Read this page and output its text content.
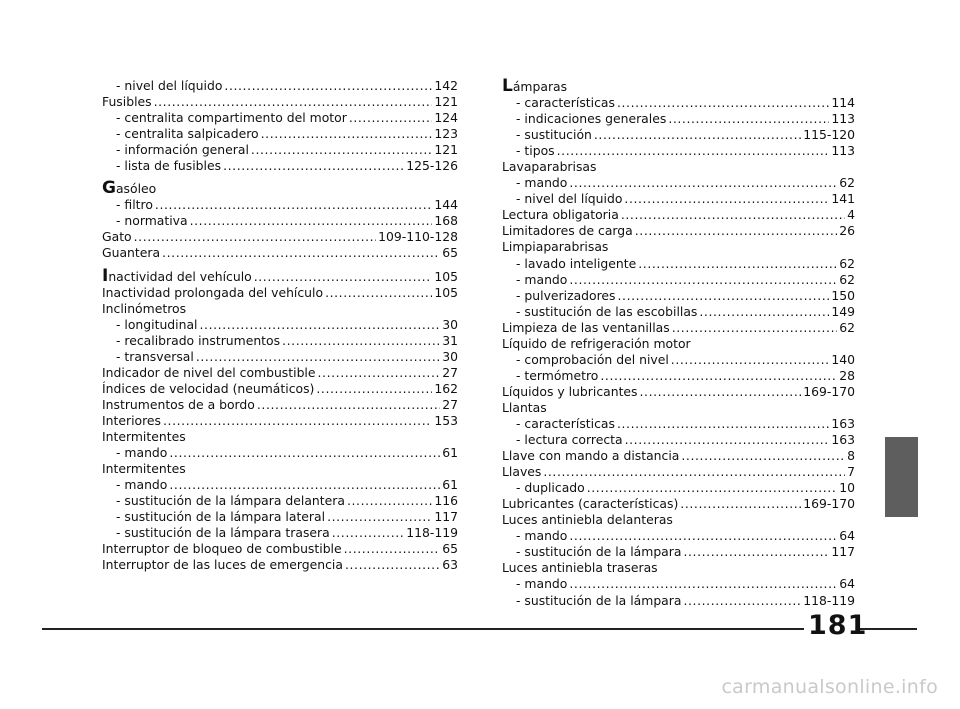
- nivel del líquido .....	142
Fusibles .....	121
- centralita compartimento del motor .....	124
- centralita salpicadero .....	123
- información general .....	121
- lista de fusibles .....	125-126
Gasóleo
- filtro .....	144
- normativa .....	168
Gato .....	109-110-128
Guantera .....	65
Inactividad del vehículo .....	105
Inactividad prolongada del vehículo .....	105
Inclinómetros
- longitudinal .....	30
- recalibrado instrumentos .....	31
- transversal .....	30
Indicador de nivel del combustible .....	27
Índices de velocidad (neumáticos) .....	162
Instrumentos de a bordo .....	27
Interiores .....	153
Intermitentes
- mando .....	61
Intermitentes
- mando .....	61
- sustitución de la lámpara delantera .....	116
- sustitución de la lámpara lateral .....	117
- sustitución de la lámpara trasera .....	118-119
Interruptor de bloqueo de combustible .....	65
Interruptor de las luces de emergencia .....	63
Lámparas
- características .....	114
- indicaciones generales .....	113
- sustitución .....	115-120
- tipos .....	113
Lavaparabrisas
- mando .....	62
- nivel del líquido .....	141
Lectura obligatoria .....	4
Limitadores de carga .....	26
Limpiaparabrisas
- lavado inteligente .....	62
- mando .....	62
- pulverizadores .....	150
- sustitución de las escobillas .....	149
Limpieza de las ventanillas .....	62
Líquido de refrigeración motor
- comprobación del nivel .....	140
- termómetro .....	28
Líquidos y lubricantes .....	169-170
Llantas
- características .....	163
- lectura correcta .....	163
Llave con mando a distancia .....	8
Llaves .....	7
- duplicado .....	10
Lubricantes (características) .....	169-170
Luces antiniebla delanteras
- mando .....	64
- sustitución de la lámpara .....	117
Luces antiniebla traseras
- mando .....	64
- sustitución de la lámpara .....	118-119
181
carmanualsonline.info
